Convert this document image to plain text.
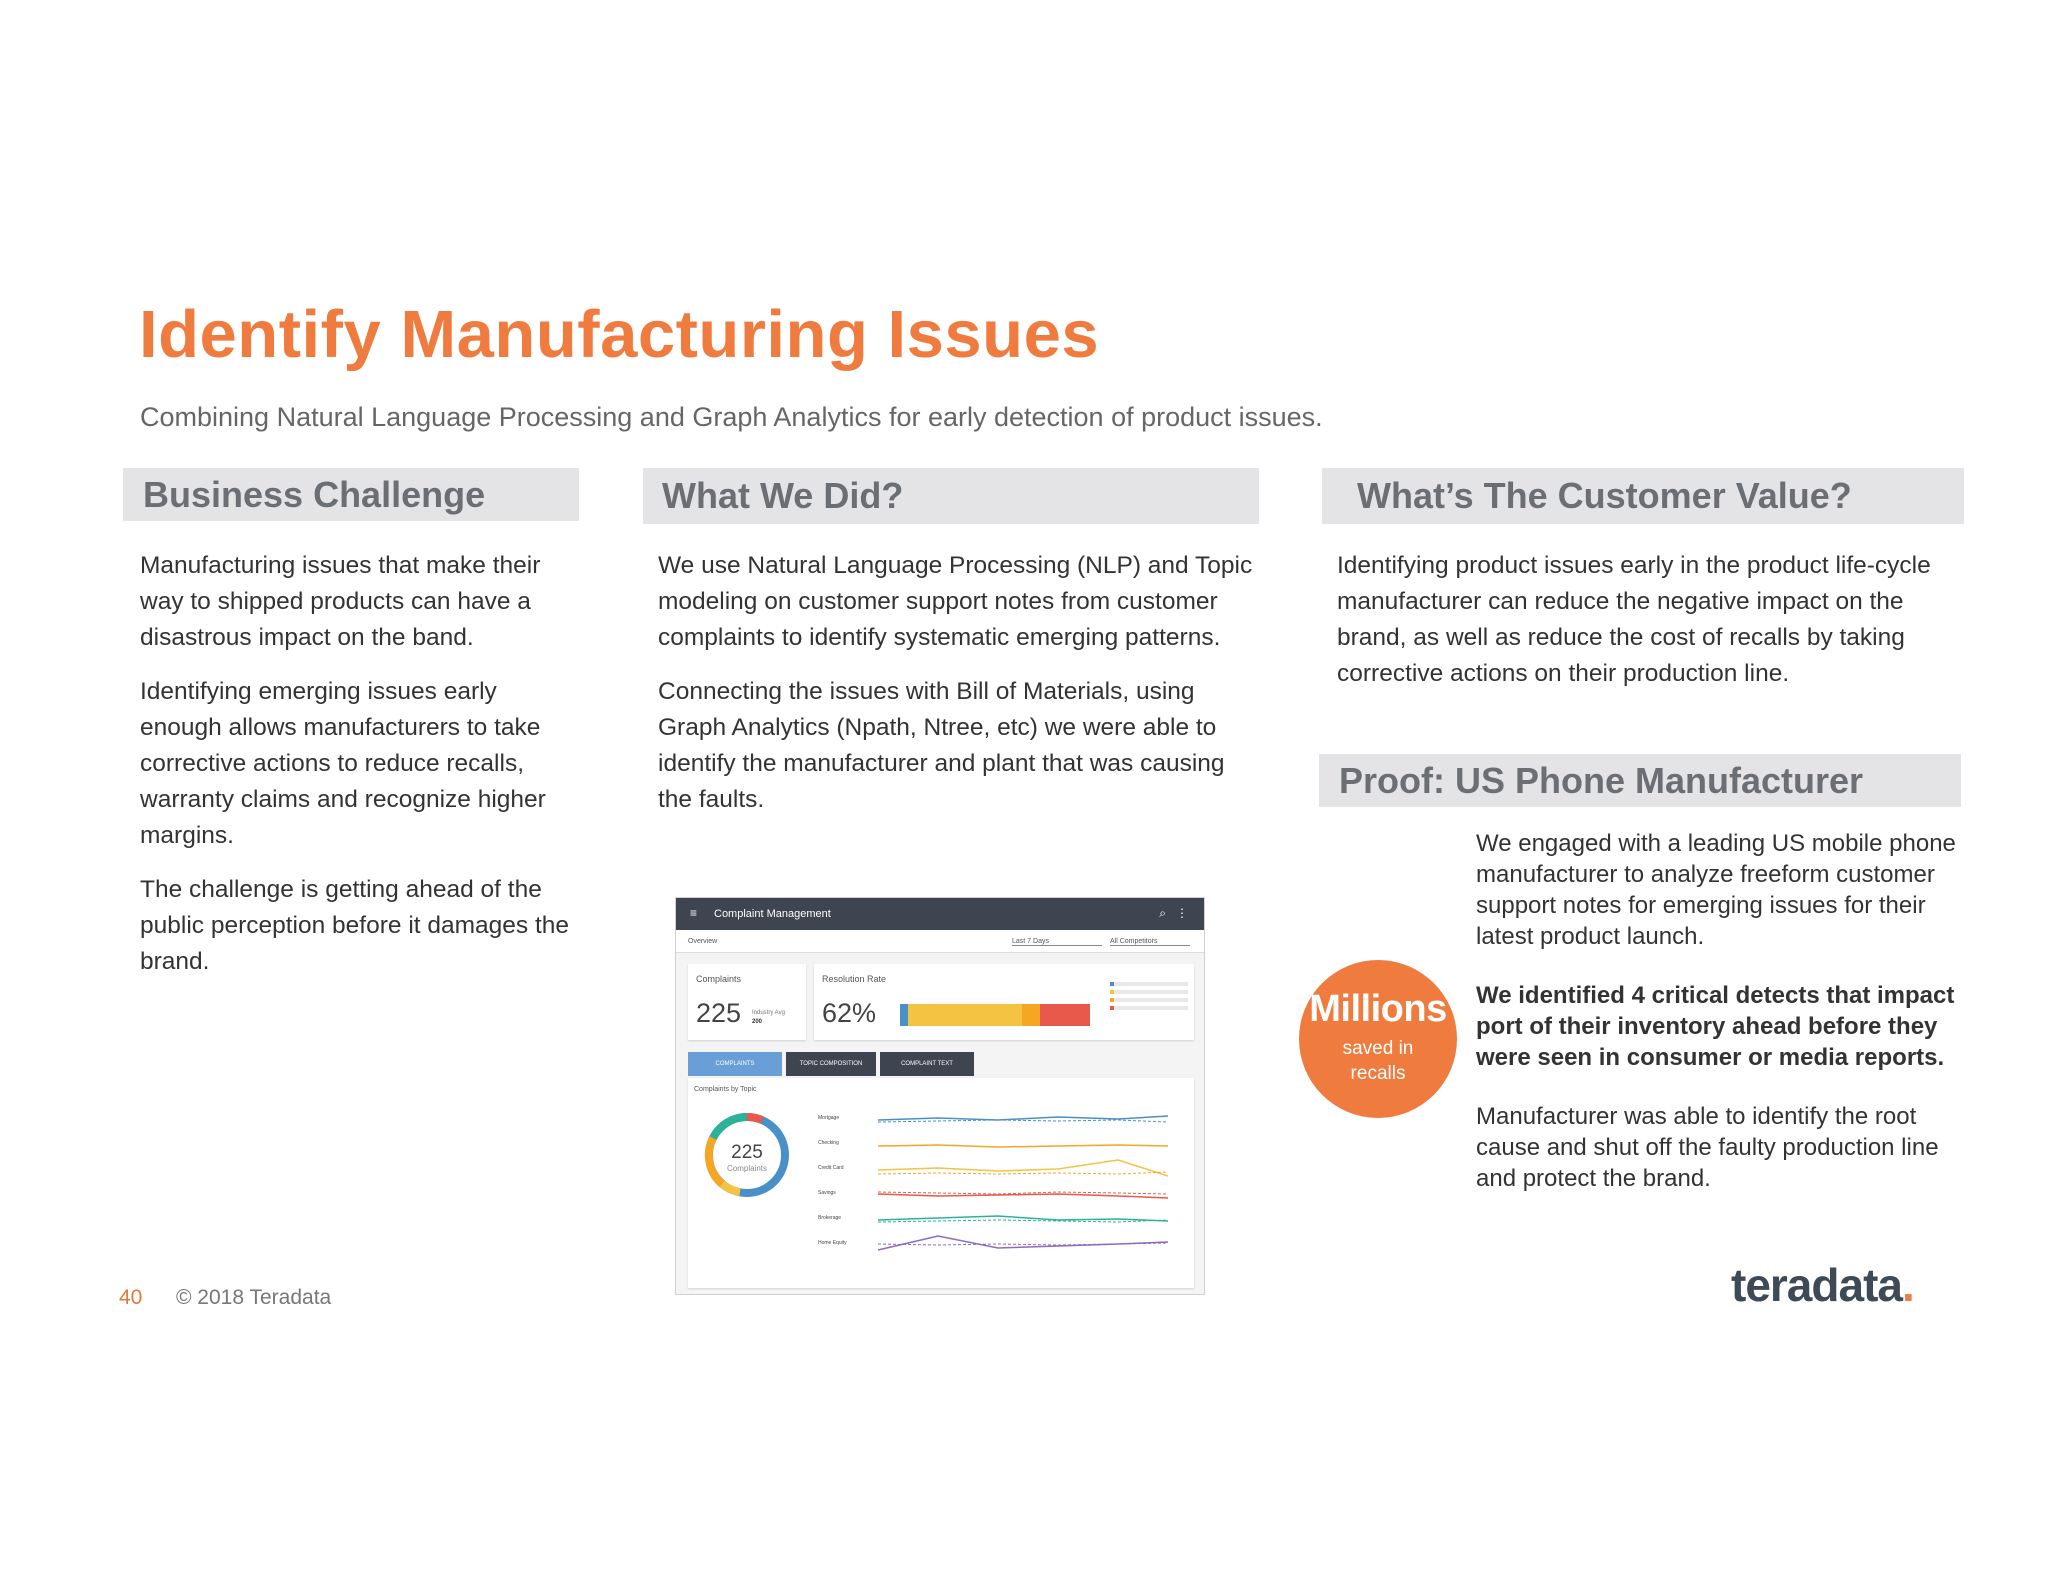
Identify Manufacturing Issues
Combining Natural Language Processing and Graph Analytics for early detection of product issues.
Business Challenge

Manufacturing issues that make their way to shipped products can have a disastrous impact on the band.

Identifying emerging issues early enough allows manufacturers to take corrective actions to reduce recalls, warranty claims and recognize higher margins.

The challenge is getting ahead of the public perception before it damages the brand.

What We Did?

We use Natural Language Processing (NLP) and Topic modeling on customer support notes from customer complaints to identify systematic emerging patterns.

Connecting the issues with Bill of Materials, using Graph Analytics (Npath, Ntree, etc) we were able to identify the manufacturer and plant that was causing the faults.

What’s The Customer Value?

Identifying product issues early in the product life-cycle manufacturer can reduce the negative impact on the brand, as well as reduce the cost of recalls by taking corrective actions on their production line.

Proof: US Phone Manufacturer

We engaged with a leading US mobile phone manufacturer to analyze freeform customer support notes for emerging issues for their latest product launch.

We identified 4 critical detects that impact port of their inventory ahead before they were seen in consumer or media reports.

Manufacturer was able to identify the root cause and shut off the faulty production line and protect the brand.

Millions
saved in
recalls
≡ Complaint Management	⌕ ⋮
Overview	Last 7 Days	All Competitors
Complaints
225 Industry Avg
200
Resolution Rate
62%
COMPLAINTS	TOPIC COMPOSITION	COMPLAINT TEXT
Complaints by Topic
225
Complaints
Mortgage
Checking
Credit Card
Savings
Brokerage
Home Equity
40 © 2018 Teradata	teradata.
